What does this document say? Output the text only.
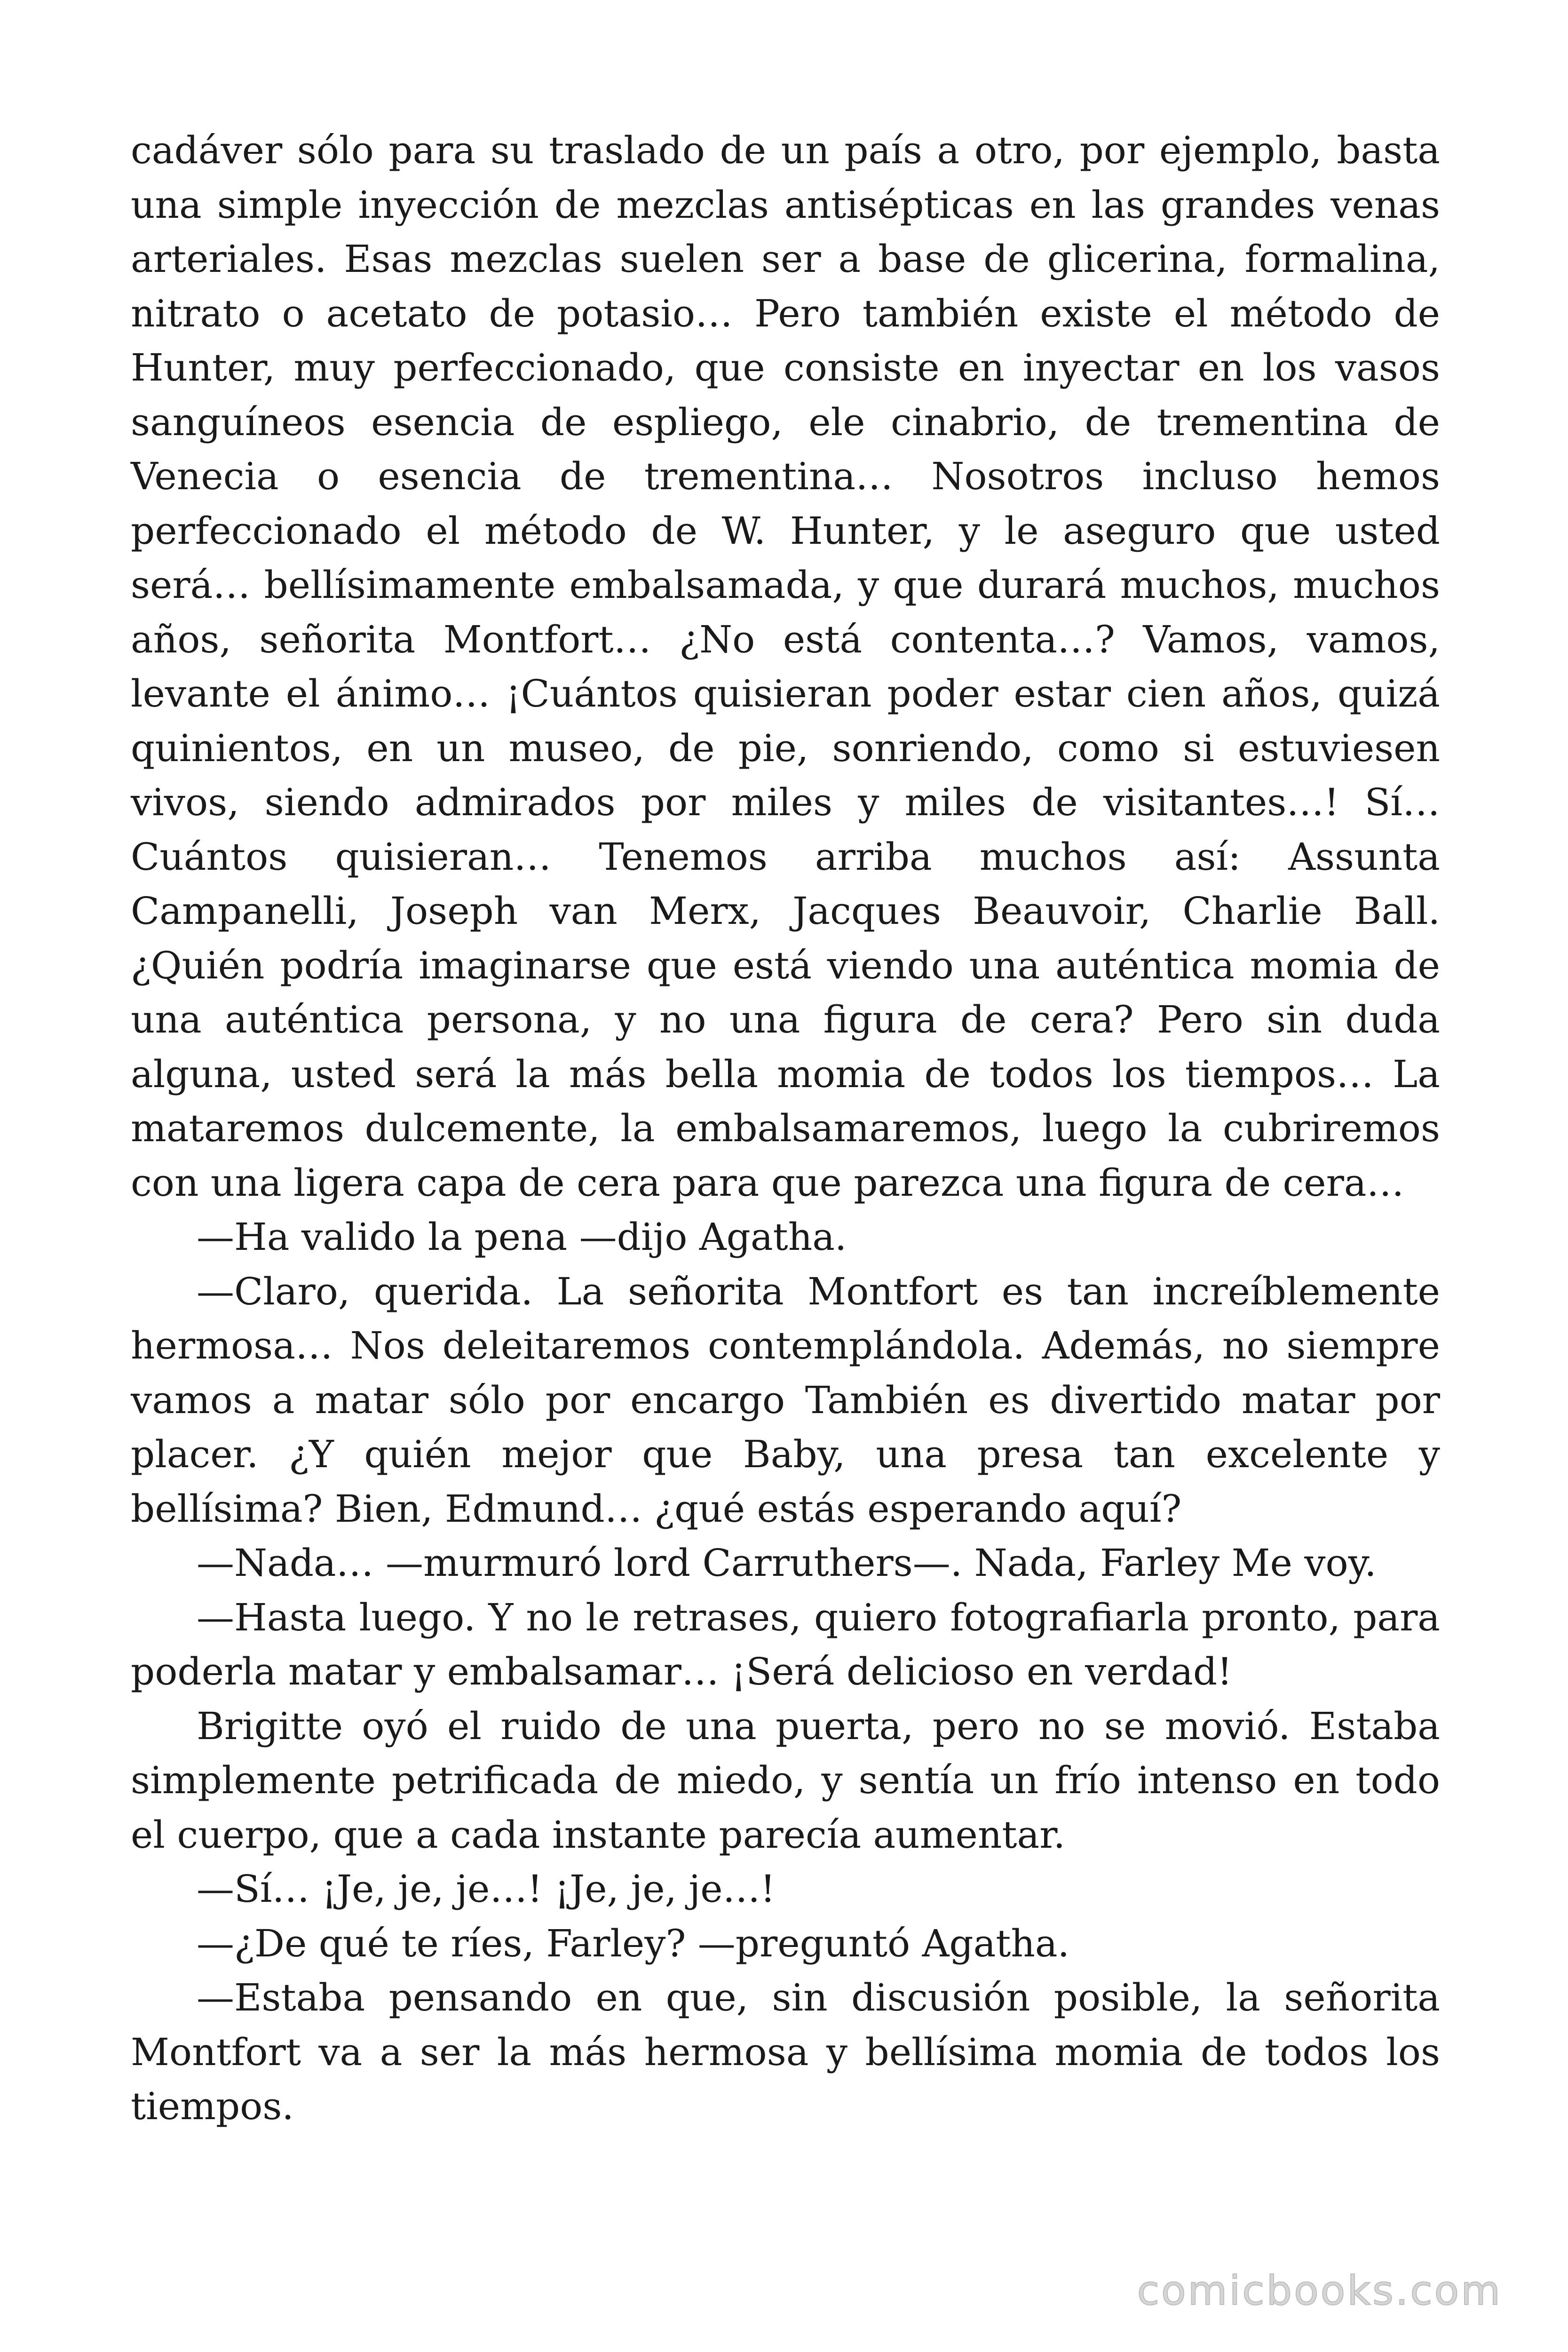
cadáver sólo para su traslado de un país a otro, por ejemplo, basta una simple inyección de mezclas antisépticas en las grandes venas arteriales. Esas mezclas suelen ser a base de glicerina, formalina, nitrato o acetato de potasio… Pero también existe el método de Hunter, muy perfeccionado, que consiste en inyectar en los vasos sanguíneos esencia de espliego, ele cinabrio, de trementina de Venecia o esencia de trementina… Nosotros incluso hemos perfeccionado el método de W. Hunter, y le aseguro que usted será… bellísimamente embalsamada, y que durará muchos, muchos años, señorita Montfort… ¿No está contenta…? Vamos, vamos, levante el ánimo… ¡Cuántos quisieran poder estar cien años, quizá quinientos, en un museo, de pie, sonriendo, como si estuviesen vivos, siendo admirados por miles y miles de visitantes…! Sí… Cuántos quisieran… Tenemos arriba muchos así: Assunta Campanelli, Joseph van Merx, Jacques Beauvoir, Charlie Ball. ¿Quién podría imaginarse que está viendo una auténtica momia de una auténtica persona, y no una figura de cera? Pero sin duda alguna, usted será la más bella momia de todos los tiempos… La mataremos dulcemente, la embalsamaremos, luego la cubriremos con una ligera capa de cera para que parezca una figura de cera…

—Ha valido la pena —dijo Agatha.

—Claro, querida. La señorita Montfort es tan increíblemente hermosa… Nos deleitaremos contemplándola. Además, no siempre vamos a matar sólo por encargo También es divertido matar por placer. ¿Y quién mejor que Baby, una presa tan excelente y bellísima? Bien, Edmund… ¿qué estás esperando aquí?

—Nada… —murmuró lord Carruthers—. Nada, Farley Me voy.

—Hasta luego. Y no le retrases, quiero fotografiarla pronto, para poderla matar y embalsamar… ¡Será delicioso en verdad!

Brigitte oyó el ruido de una puerta, pero no se movió. Estaba simplemente petrificada de miedo, y sentía un frío intenso en todo el cuerpo, que a cada instante parecía aumentar.

—Sí… ¡Je, je, je…! ¡Je, je, je…!

—¿De qué te ríes, Farley? —preguntó Agatha.

—Estaba pensando en que, sin discusión posible, la señorita Montfort va a ser la más hermosa y bellísima momia de todos los tiempos.

comicbooks.com
